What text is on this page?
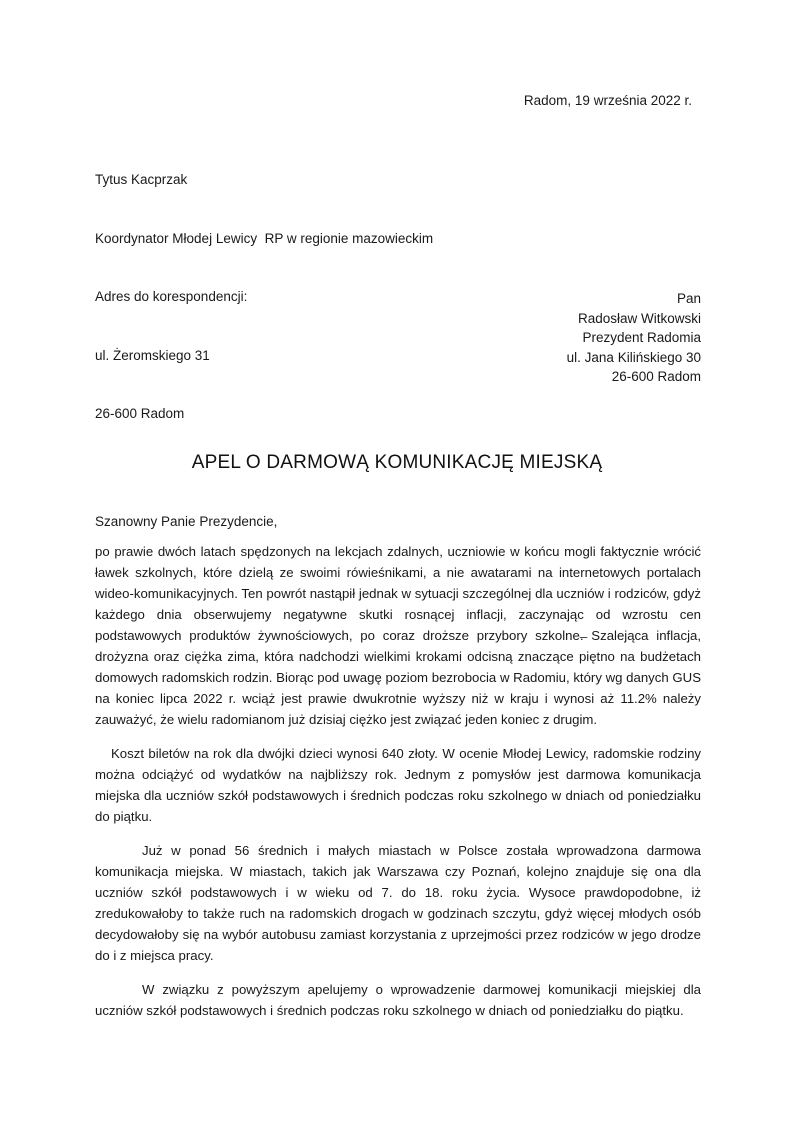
Radom, 19 września 2022 r.

Tytus Kacprzak

Koordynator Młodej Lewicy  RP w regionie mazowieckim

Adres do korespondencji:

ul. Żeromskiego 31

26-600 Radom

Pan
Radosław Witkowski
Prezydent Radomia
ul. Jana Kilińskiego 30
26-600 Radom
APEL O DARMOWĄ KOMUNIKACJĘ MIEJSKĄ
Szanowny Panie Prezydencie,

po prawie dwóch latach spędzonych na lekcjach zdalnych, uczniowie w końcu mogli faktycznie wrócić ławek szkolnych, które dzielą ze swoimi rówieśnikami, a nie awatarami na internetowych portalach wideo-komunikacyjnych. Ten powrót nastąpił jednak w sytuacji szczególnej dla uczniów i rodziców, gdyż każdego dnia obserwujemy negatywne skutki rosnącej inflacji, zaczynając od wzrostu cen podstawowych produktów żywnościowych, po coraz droższe przybory szkolne.̶ Szalejąca inflacja, drożyzna oraz ciężka zima, która nadchodzi wielkimi krokami odcisną znaczące piętno na budżetach domowych radomskich rodzin. Biorąc pod uwagę poziom bezrobocia w Radomiu, który wg danych GUS na koniec lipca 2022 r. wciąż jest prawie dwukrotnie wyższy niż w kraju i wynosi aż 11.2% należy zauważyć, że wielu radomianom już dzisiaj ciężko jest związać jeden koniec z drugim.

Koszt biletów na rok dla dwójki dzieci wynosi 640 złoty. W ocenie Młodej Lewicy, radomskie rodziny można odciążyć od wydatków na najbliższy rok. Jednym z pomysłów jest darmowa komunikacja miejska dla uczniów szkół podstawowych i średnich podczas roku szkolnego w dniach od poniedziałku do piątku.

Już w ponad 56 średnich i małych miastach w Polsce została wprowadzona darmowa komunikacja miejska. W miastach, takich jak Warszawa czy Poznań, kolejno znajduje się ona dla uczniów szkół podstawowych i w wieku od 7. do 18. roku życia. Wysoce prawdopodobne, iż zredukowałoby to także ruch na radomskich drogach w godzinach szczytu, gdyż więcej młodych osób decydowałoby się na wybór autobusu zamiast korzystania z uprzejmości przez rodziców w jego drodze do i z miejsca pracy.

W związku z powyższym apelujemy o wprowadzenie darmowej komunikacji miejskiej dla uczniów szkół podstawowych i średnich podczas roku szkolnego w dniach od poniedziałku do piątku.
